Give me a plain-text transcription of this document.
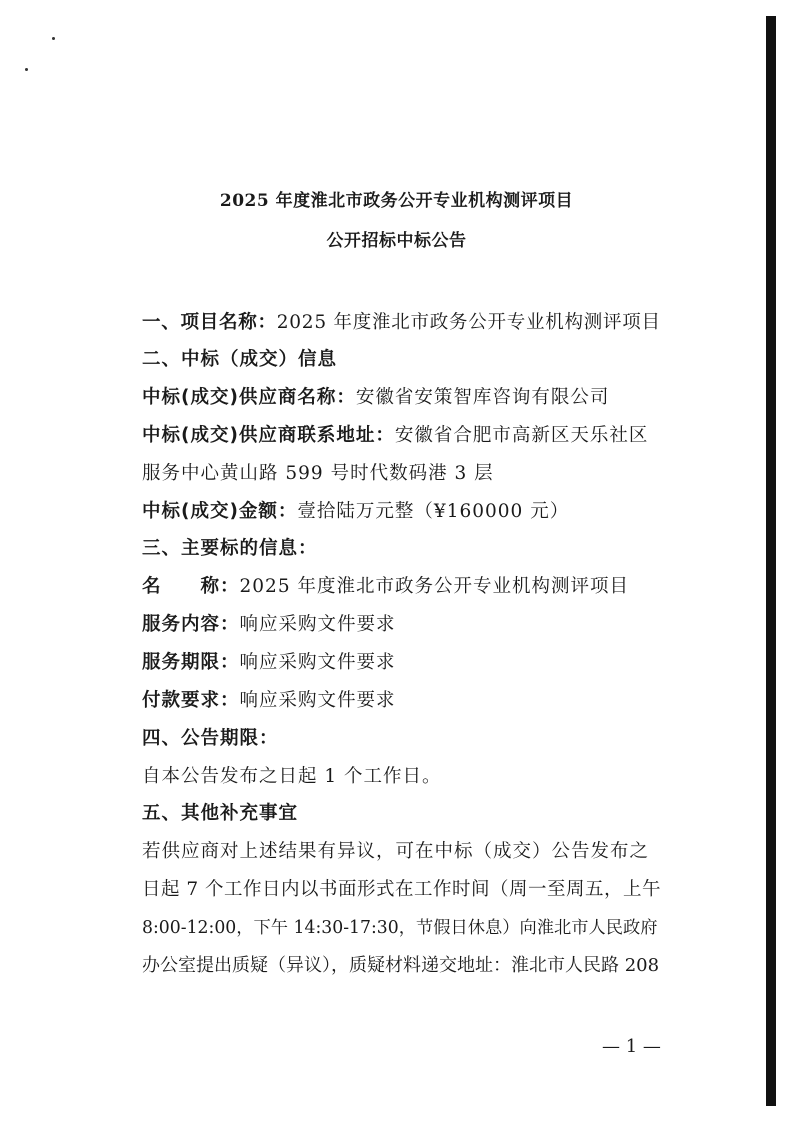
2025 年度淮北市政务公开专业机构测评项目
公开招标中标公告
一、项目名称：2025 年度淮北市政务公开专业机构测评项目
二、中标（成交）信息
中标(成交)供应商名称：安徽省安策智库咨询有限公司
中标(成交)供应商联系地址：安徽省合肥市高新区天乐社区
服务中心黄山路 599 号时代数码港 3 层
中标(成交)金额：壹拾陆万元整（¥160000 元）
三、主要标的信息：
名　　称：2025 年度淮北市政务公开专业机构测评项目
服务内容：响应采购文件要求
服务期限：响应采购文件要求
付款要求：响应采购文件要求
四、公告期限：
自本公告发布之日起 1 个工作日。
五、其他补充事宜
若供应商对上述结果有异议，可在中标（成交）公告发布之
日起 7 个工作日内以书面形式在工作时间（周一至周五，上午
8:00-12:00，下午 14:30-17:30，节假日休息）向淮北市人民政府
办公室提出质疑（异议），质疑材料递交地址：淮北市人民路 208
— 1 —
